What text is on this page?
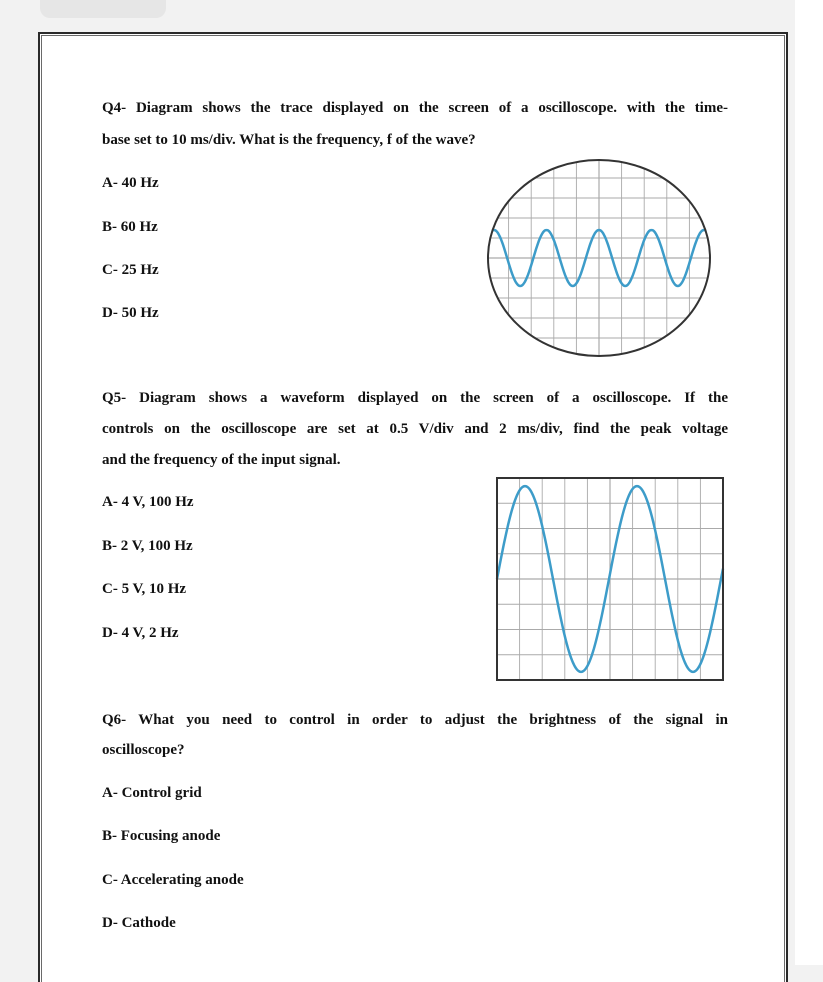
Q4- Diagram shows the trace displayed on the screen of a oscilloscope. with the time-

base set to 10 ms/div. What is the frequency, f of the wave?

A- 40 Hz

B- 60 Hz

C- 25 Hz

D- 50 Hz

Q5- Diagram shows a waveform displayed on the screen of a oscilloscope. If the

controls on the oscilloscope are set at 0.5 V/div and 2 ms/div, find the peak voltage

and the frequency of the input signal.

A- 4 V, 100 Hz

B- 2 V, 100 Hz

C- 5 V, 10 Hz

D- 4 V, 2 Hz

Q6- What you need to control in order to adjust the brightness of the signal in

oscilloscope?

A- Control grid

B- Focusing anode

C- Accelerating anode

D- Cathode
